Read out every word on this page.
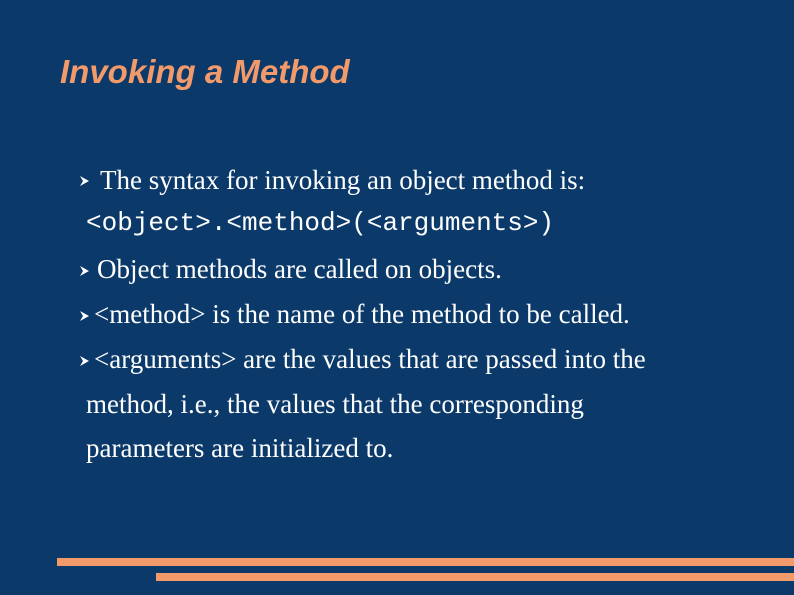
Invoking a Method
The syntax for invoking an object method is:
<object>.<method>(<arguments>)
Object methods are called on objects.
<method> is the name of the method to be called.
<arguments> are the values that are passed into the
method, i.e., the values that the corresponding
parameters are initialized to.
